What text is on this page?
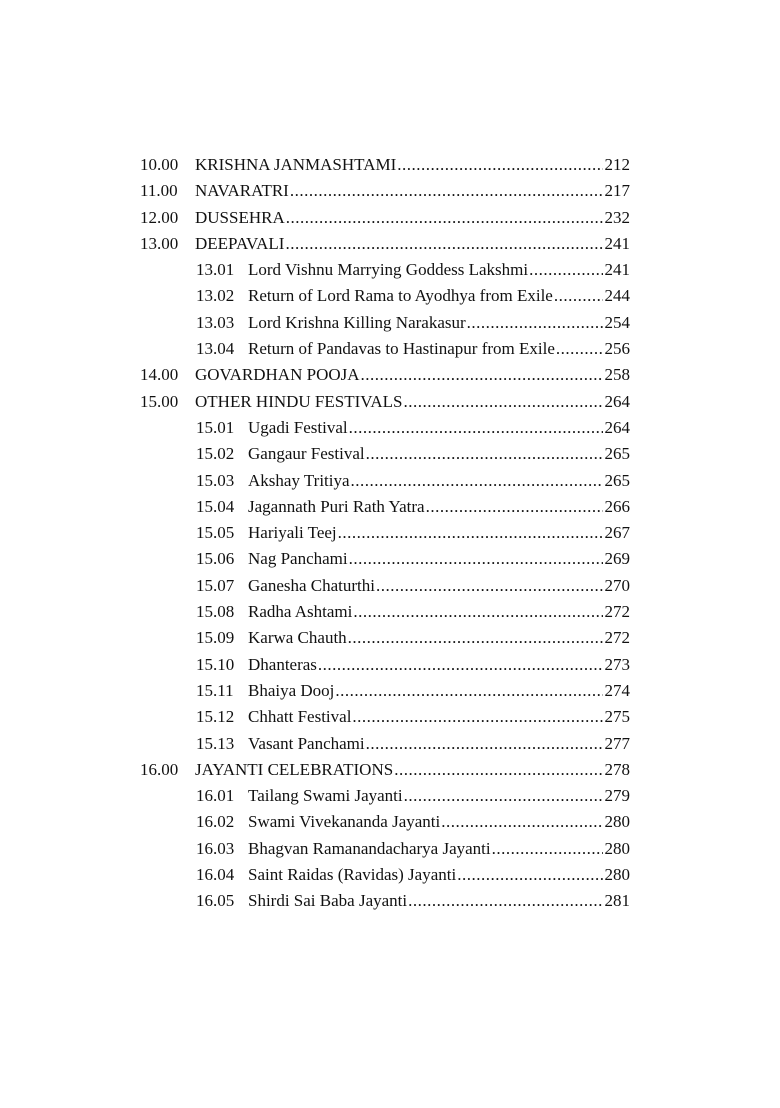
10.00 KRISHNA JANMASHTAMI .....	212
11.00	NAVARATRI .....	217
12.00 DUSSEHRA .....	232
13.00 DEEPAVALI .....	241
13.01 Lord Vishnu Marrying Goddess Lakshmi .....	241
13.02 Return of Lord Rama to Ayodhya from Exile .....	244
13.03 Lord Krishna Killing Narakasur .....	254
13.04 Return of Pandavas to Hastinapur from Exile .....	256
14.00 GOVARDHAN POOJA .....	258
15.00 OTHER HINDU FESTIVALS .....	264
15.01 Ugadi Festival .....	264
15.02 Gangaur Festival .....	265
15.03 Akshay Tritiya .....	265
15.04 Jagannath Puri Rath Yatra .....	266
15.05 Hariyali Teej .....	267
15.06 Nag Panchami .....	269
15.07 Ganesha Chaturthi .....	270
15.08 Radha Ashtami .....	272
15.09 Karwa Chauth .....	272
15.10 Dhanteras .....	273
15.11 Bhaiya Dooj .....	274
15.12 Chhatt Festival .....	275
15.13 Vasant Panchami .....	277
16.00 JAYANTI CELEBRATIONS .....	278
16.01 Tailang Swami Jayanti .....	279
16.02 Swami Vivekananda Jayanti .....	280
16.03 Bhagvan Ramanandacharya Jayanti .....	280
16.04 Saint Raidas (Ravidas) Jayanti .....	280
16.05 Shirdi Sai Baba Jayanti .....	281
